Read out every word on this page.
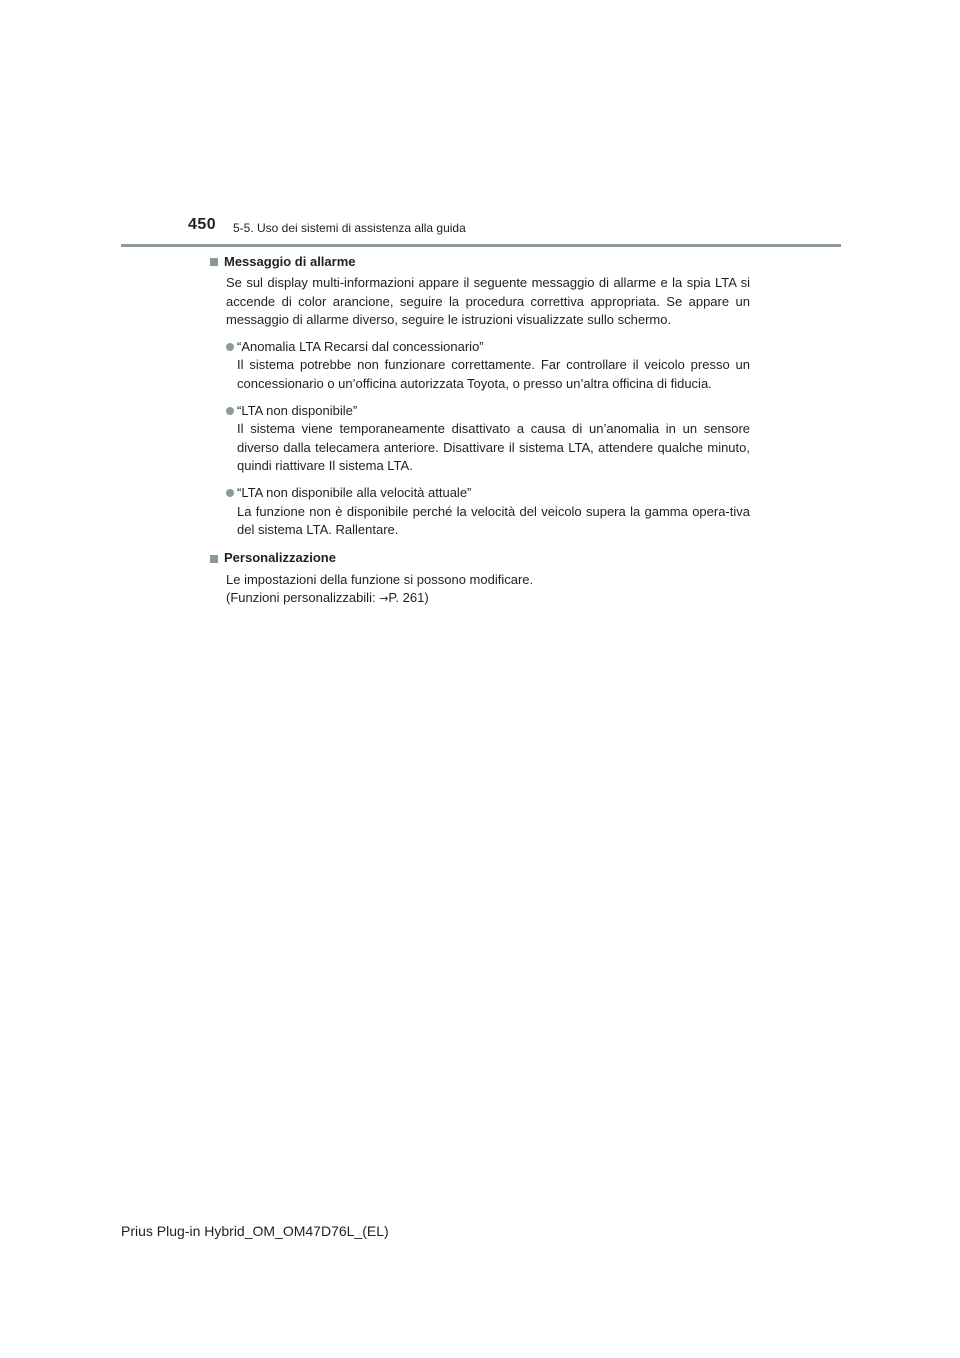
450 5-5. Uso dei sistemi di assistenza alla guida
Messaggio di allarme

Se sul display multi-informazioni appare il seguente messaggio di allarme e la spia LTA si accende di color arancione, seguire la procedura correttiva appropriata. Se appare un messaggio di allarme diverso, seguire le istruzioni visualizzate sullo schermo.

“Anomalia LTA Recarsi dal concessionario”
Il sistema potrebbe non funzionare correttamente. Far controllare il veicolo presso un concessionario o un’officina autorizzata Toyota, o presso un’altra officina di fiducia.
“LTA non disponibile”
Il sistema viene temporaneamente disattivato a causa di un’anomalia in un sensore diverso dalla telecamera anteriore. Disattivare il sistema LTA, attendere qualche minuto, quindi riattivare Il sistema LTA.
“LTA non disponibile alla velocità attuale”
La funzione non è disponibile perché la velocità del veicolo supera la gamma opera-tiva del sistema LTA. Rallentare.
Personalizzazione
Le impostazioni della funzione si possono modificare.
(Funzioni personalizzabili: →P. 261)
Prius Plug-in Hybrid_OM_OM47D76L_(EL)
